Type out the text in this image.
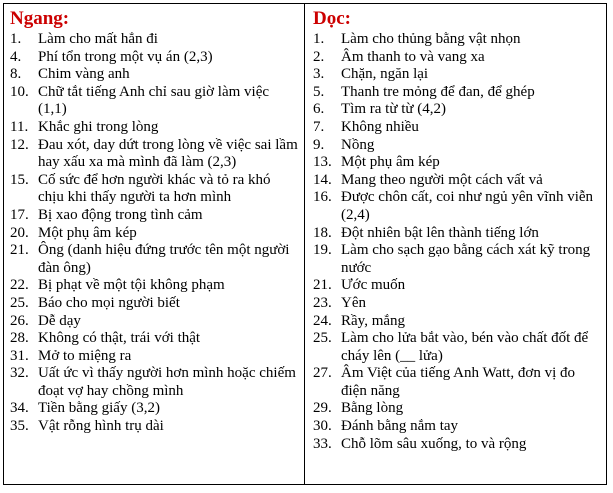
Ngang:
1.	Làm cho mất hẳn đi
4.	Phí tổn trong một vụ án (2,3)
8.	Chim vàng anh
10. Chữ tắt tiếng Anh chỉ sau giờ làm việc (1,1)
11. Khắc ghi trong lòng
12. Đau xót, day dứt trong lòng về việc sai lầm hay xấu xa mà mình đã làm (2,3)
15. Cố sức để hơn người khác và tỏ ra khó chịu khi thấy người ta hơn mình
17. Bị xao động trong tình cảm
20. Một phụ âm kép
21. Ông (danh hiệu đứng trước tên một người đàn ông)
22. Bị phạt về một tội không phạm
25. Báo cho mọi người biết
26. Dễ dạy
28. Không có thật, trái với thật
31. Mở to miệng ra
32. Uất ức vì thấy người hơn mình hoặc chiếm đoạt vợ hay chồng mình
34. Tiền bằng giấy (3,2)
35. Vật rỗng hình trụ dài
Dọc:
1.	Làm cho thủng bằng vật nhọn
2.	Âm thanh to và vang xa
3.	Chặn, ngăn lại
5.	Thanh tre mỏng để đan, để ghép
6.	Tìm ra từ từ (4,2)
7.	Không nhiều
9.	Nồng
13. Một phụ âm kép
14. Mang theo người một cách vất vả
16. Được chôn cất, coi như ngủ yên vĩnh viễn (2,4)
18. Đột nhiên bật lên thành tiếng lớn
19. Làm cho sạch gạo bằng cách xát kỹ trong nước
21. Ước muốn
23. Yên
24. Rầy, mắng
25. Làm cho lửa bắt vào, bén vào chất đốt để cháy lên (__ lửa)
27. Âm Việt của tiếng Anh Watt, đơn vị đo điện năng
29. Bằng lòng
30. Đánh bằng nắm tay
33. Chỗ lõm sâu xuống, to và rộng
